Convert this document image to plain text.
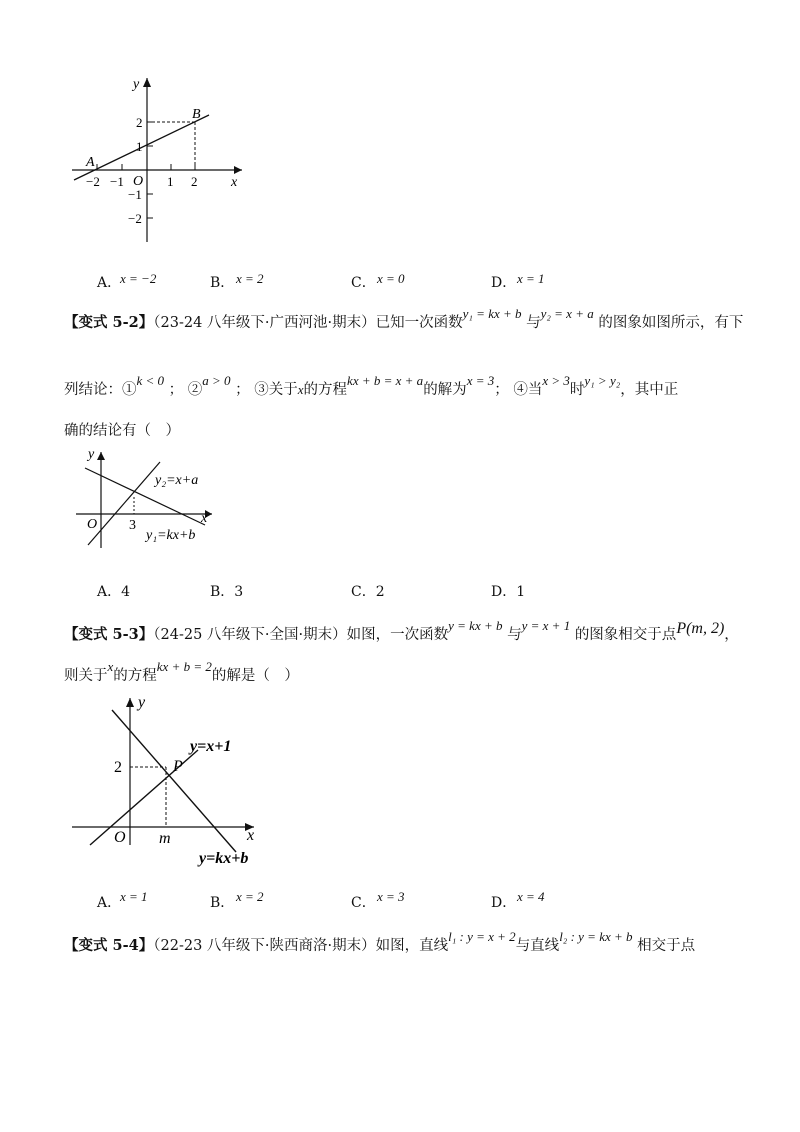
y
x
O
A
B
−2 −1	1 2
2
1
−1
−2
A．
x = −2	B． x = 2	C． x = 0	D． x = 1
【变式 5-2】（23-24 八年级下·广西河池·期末）已知一次函数y₁ = kx + b 与y₂ = x + a 的图象如图所示，有下
列结论：①k < 0 ； ②a > 0 ； ③关于x的方程kx + b = x + a的解为x = 3； ④当x > 3时y₁ > y₂，其中正
确的结论有（　）
y
x
O 3
y₂=x+a
y₁=kx+b
A．4	B．3	C．2	D．1
【变式 5-3】（24-25 八年级下·全国·期末）如图，一次函数y = kx + b 与y = x + 1 的图象相交于点P(m, 2)，
则关于x的方程kx + b = 2的解是（　）
y
x
O
P
m
2
y=x+1
y=kx+b
A．
x = 1	B． x = 2	C． x = 3	D． x = 4
【变式 5-4】（22-23 八年级下·陕西商洛·期末）如图，直线l₁ : y = x + 2与直线l₂ : y = kx + b 相交于点
